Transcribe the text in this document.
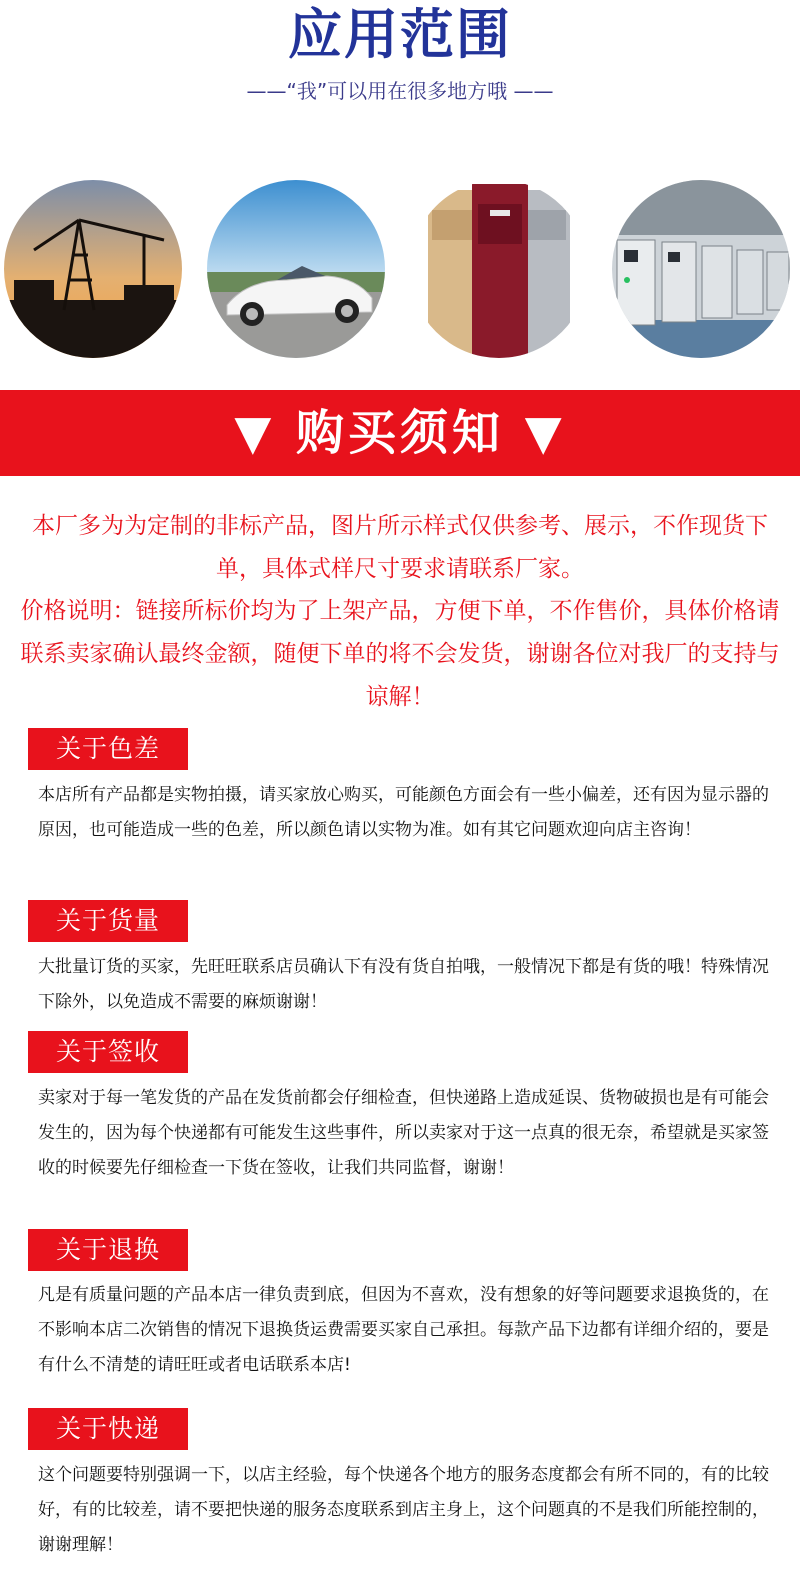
应用范围
——“我”可以用在很多地方哦 ——
▼ 购买须知 ▼
本厂多为为定制的非标产品，图片所示样式仅供参考、展示，不作现货下单，具体式样尺寸要求请联系厂家。
价格说明：链接所标价均为了上架产品，方便下单，不作售价，具体价格请联系卖家确认最终金额，随便下单的将不会发货，谢谢各位对我厂的支持与谅解！
关于色差
本店所有产品都是实物拍摄，请买家放心购买，可能颜色方面会有一些小偏差，还有因为显示器的原因，也可能造成一些的色差，所以颜色请以实物为准。如有其它问题欢迎向店主咨询！
关于货量
大批量订货的买家，先旺旺联系店员确认下有没有货自拍哦，一般情况下都是有货的哦！特殊情况下除外，以免造成不需要的麻烦谢谢！
关于签收
卖家对于每一笔发货的产品在发货前都会仔细检查，但快递路上造成延误、货物破损也是有可能会发生的，因为每个快递都有可能发生这些事件，所以卖家对于这一点真的很无奈，希望就是买家签收的时候要先仔细检查一下货在签收，让我们共同监督，谢谢！
关于退换
凡是有质量问题的产品本店一律负责到底，但因为不喜欢，没有想象的好等问题要求退换货的，在不影响本店二次销售的情况下退换货运费需要买家自己承担。每款产品下边都有详细介绍的，要是有什么不清楚的请旺旺或者电话联系本店!
关于快递
这个问题要特别强调一下，以店主经验，每个快递各个地方的服务态度都会有所不同的，有的比较好，有的比较差，请不要把快递的服务态度联系到店主身上，这个问题真的不是我们所能控制的，谢谢理解！
